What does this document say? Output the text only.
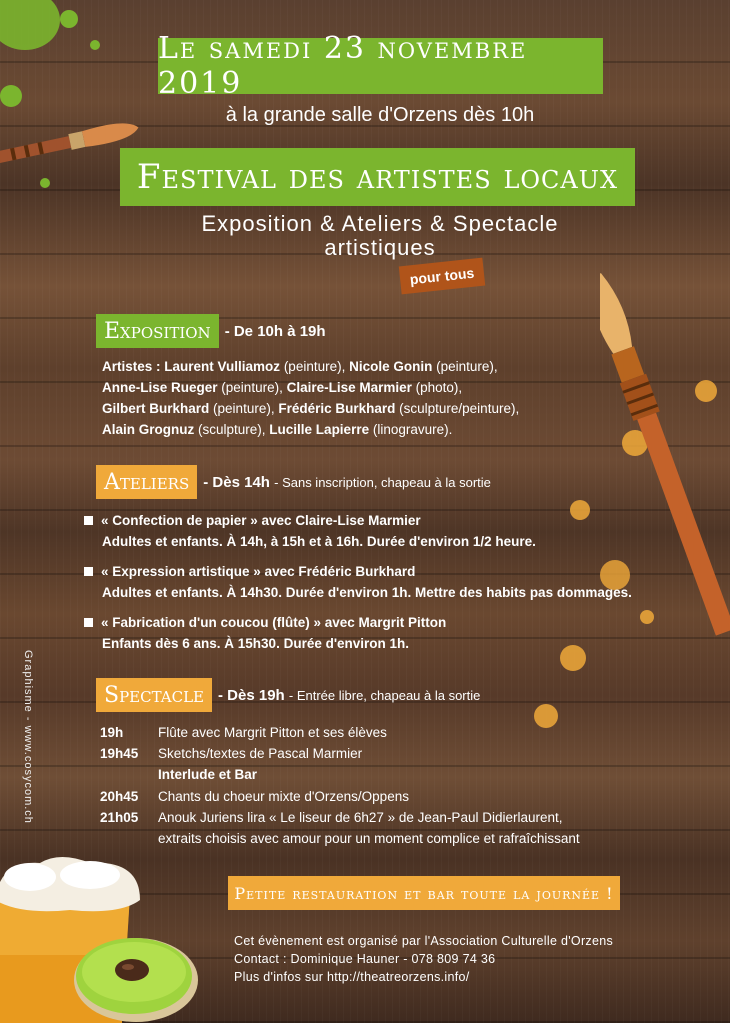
Le samedi 23 novembre 2019
à la grande salle d'Orzens dès 10h
Festival des artistes locaux
Exposition & Ateliers & Spectacle
artistiques
pour tous
Exposition - De 10h à 19h
Artistes : Laurent Vulliamoz (peinture), Nicole Gonin (peinture),
Anne-Lise Rueger (peinture), Claire-Lise Marmier (photo),
Gilbert Burkhard (peinture), Frédéric Burkhard (sculpture/peinture),
Alain Grognuz (sculpture), Lucille Lapierre (linogravure).
Ateliers - Dès 14h - Sans inscription, chapeau à la sortie
« Confection de papier » avec Claire-Lise Marmier
Adultes et enfants. À 14h, à 15h et à 16h. Durée d'environ 1/2 heure.
« Expression artistique » avec Frédéric Burkhard
Adultes et enfants. À 14h30. Durée d'environ 1h. Mettre des habits pas dommages.
« Fabrication d'un coucou (flûte) » avec Margrit Pitton
Enfants dès 6 ans. À 15h30. Durée d'environ 1h.
Spectacle - Dès 19h - Entrée libre, chapeau à la sortie
19h	Flûte avec Margrit Pitton et ses élèves
19h45 Sketchs/textes de Pascal Marmier
Interlude et Bar
20h45 Chants du choeur mixte d'Orzens/Oppens
21h05 Anouk Juriens lira « Le liseur de 6h27 » de Jean-Paul Didierlaurent,
extraits choisis avec amour pour un moment complice et rafraîchissant
Petite restauration et bar toute la journée !
Cet évènement est organisé par l'Association Culturelle d'Orzens
Contact : Dominique Hauner - 078 809 74 36
Plus d'infos sur http://theatreorzens.info/
Graphisme - www.cosycom.ch
